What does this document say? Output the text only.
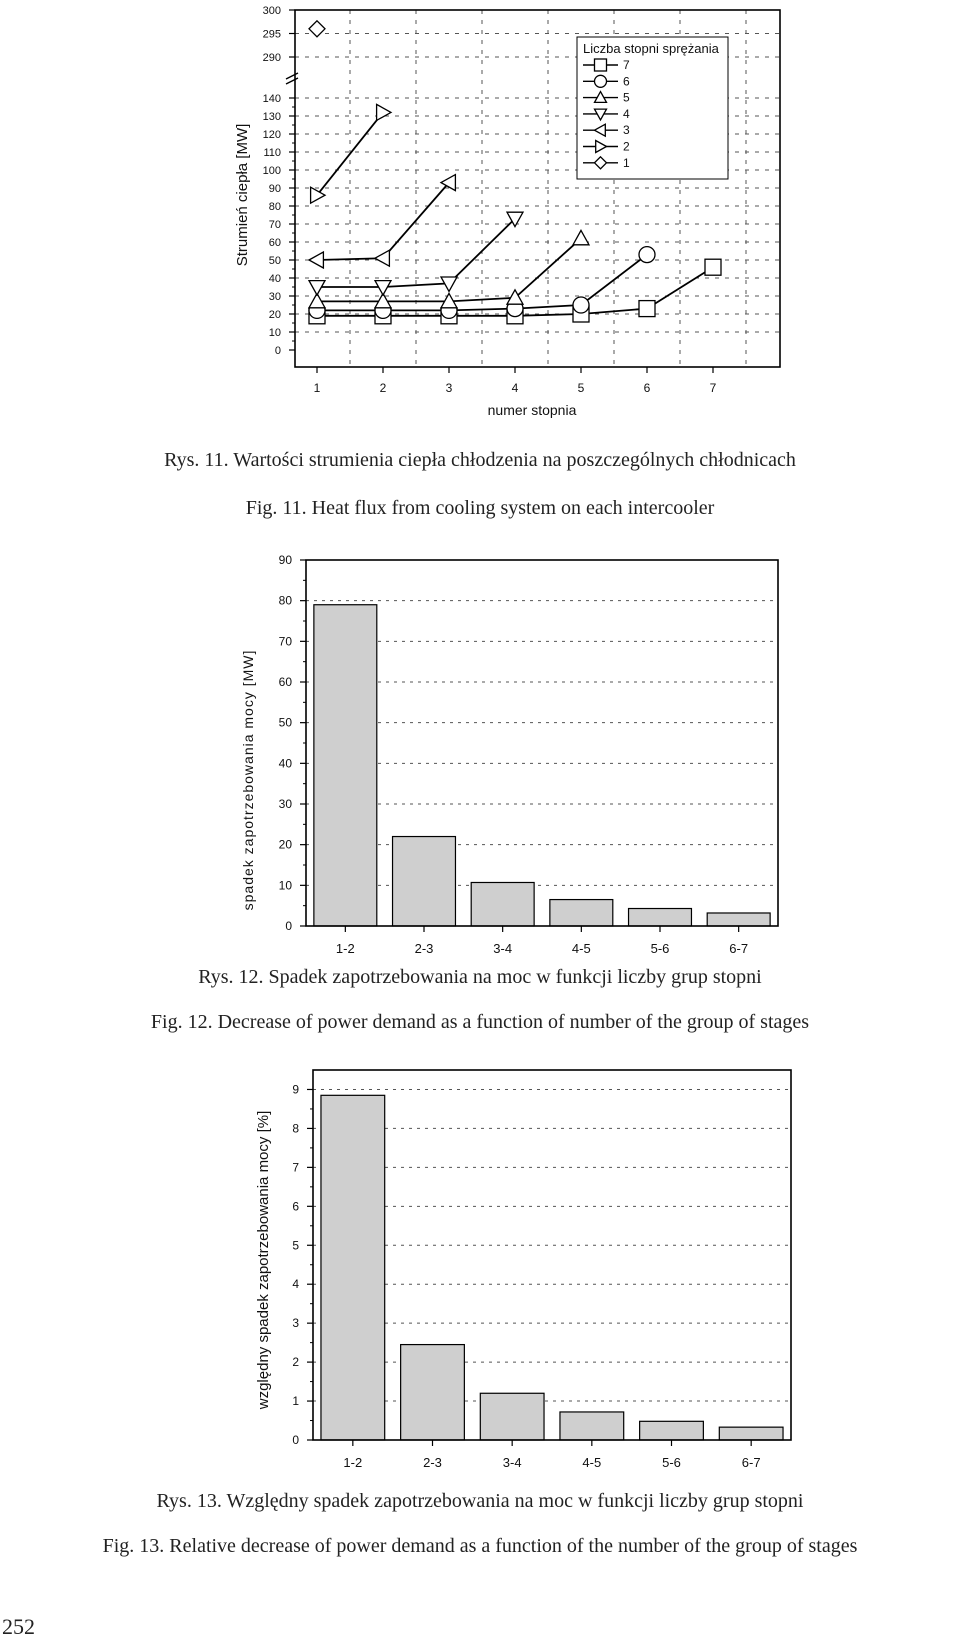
0
10
20
30
40
50
60
70
80
90
100
110
120
130
140
290
295
300
1	2	3	4	5	6	7
Strumień ciepła [MW]
numer stopnia
Liczba stopni sprężania
7
6
5
4
3
2
1
Rys. 11. Wartości strumienia ciepła chłodzenia na poszczególnych chłodnicach
Fig. 11. Heat flux from cooling system on each intercooler
0
10
20
30
40
50
60
70
80
90
1-2	2-3	3-4	4-5	5-6	6-7
spadek zapotrzebowania mocy [MW]
Rys. 12. Spadek zapotrzebowania na moc w funkcji liczby grup stopni
Fig. 12. Decrease of power demand as a function of number of the group of stages
0
1
2
3
4
5
6
7
8
9
1-2	2-3	3-4	4-5	5-6	6-7
względny spadek zapotrzebowania mocy [%]
Rys. 13. Względny spadek zapotrzebowania na moc w funkcji liczby grup stopni
Fig. 13. Relative decrease of power demand as a function of the number of the group of stages
252
